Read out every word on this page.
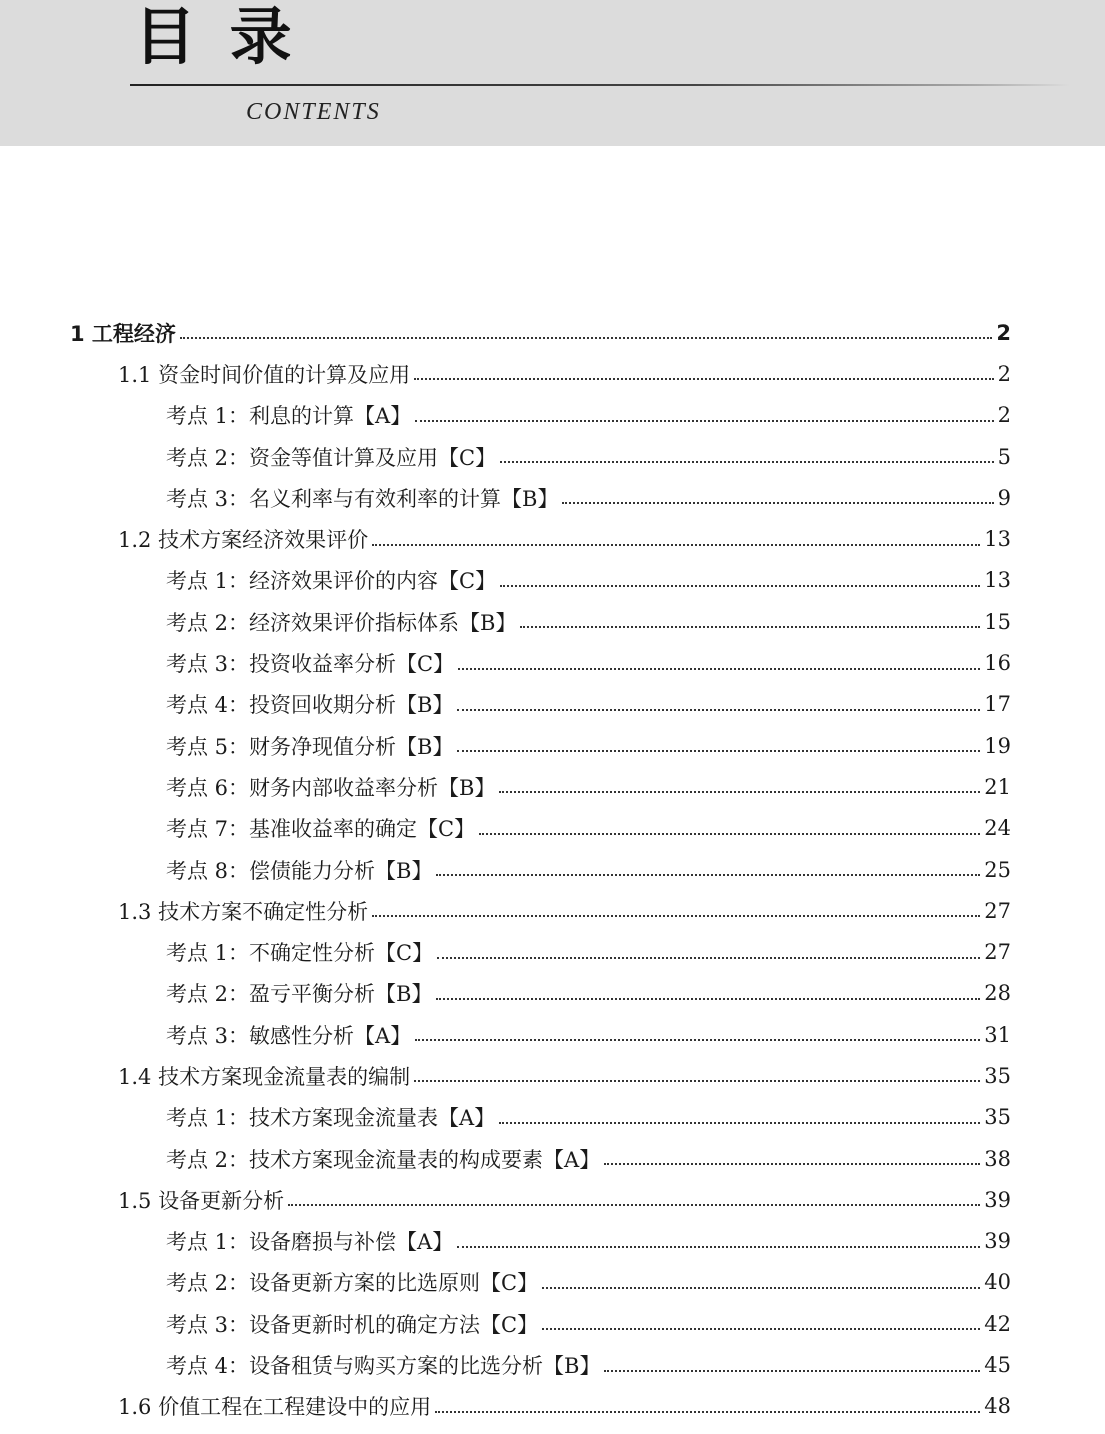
目 录
CONTENTS
1 工程经济	2
1.1 资金时间价值的计算及应用	2
考点 1：利息的计算【A】	2
考点 2：资金等值计算及应用【C】	5
考点 3：名义利率与有效利率的计算【B】	9
1.2 技术方案经济效果评价	13
考点 1：经济效果评价的内容【C】	13
考点 2：经济效果评价指标体系【B】	15
考点 3：投资收益率分析【C】	16
考点 4：投资回收期分析【B】	17
考点 5：财务净现值分析【B】	19
考点 6：财务内部收益率分析【B】	21
考点 7：基准收益率的确定【C】	24
考点 8：偿债能力分析【B】	25
1.3 技术方案不确定性分析	27
考点 1：不确定性分析【C】	27
考点 2：盈亏平衡分析【B】	28
考点 3：敏感性分析【A】	31
1.4 技术方案现金流量表的编制	35
考点 1：技术方案现金流量表【A】	35
考点 2：技术方案现金流量表的构成要素【A】	38
1.5 设备更新分析	39
考点 1：设备磨损与补偿【A】	39
考点 2：设备更新方案的比选原则【C】	40
考点 3：设备更新时机的确定方法【C】	42
考点 4：设备租赁与购买方案的比选分析【B】	45
1.6 价值工程在工程建设中的应用	48
